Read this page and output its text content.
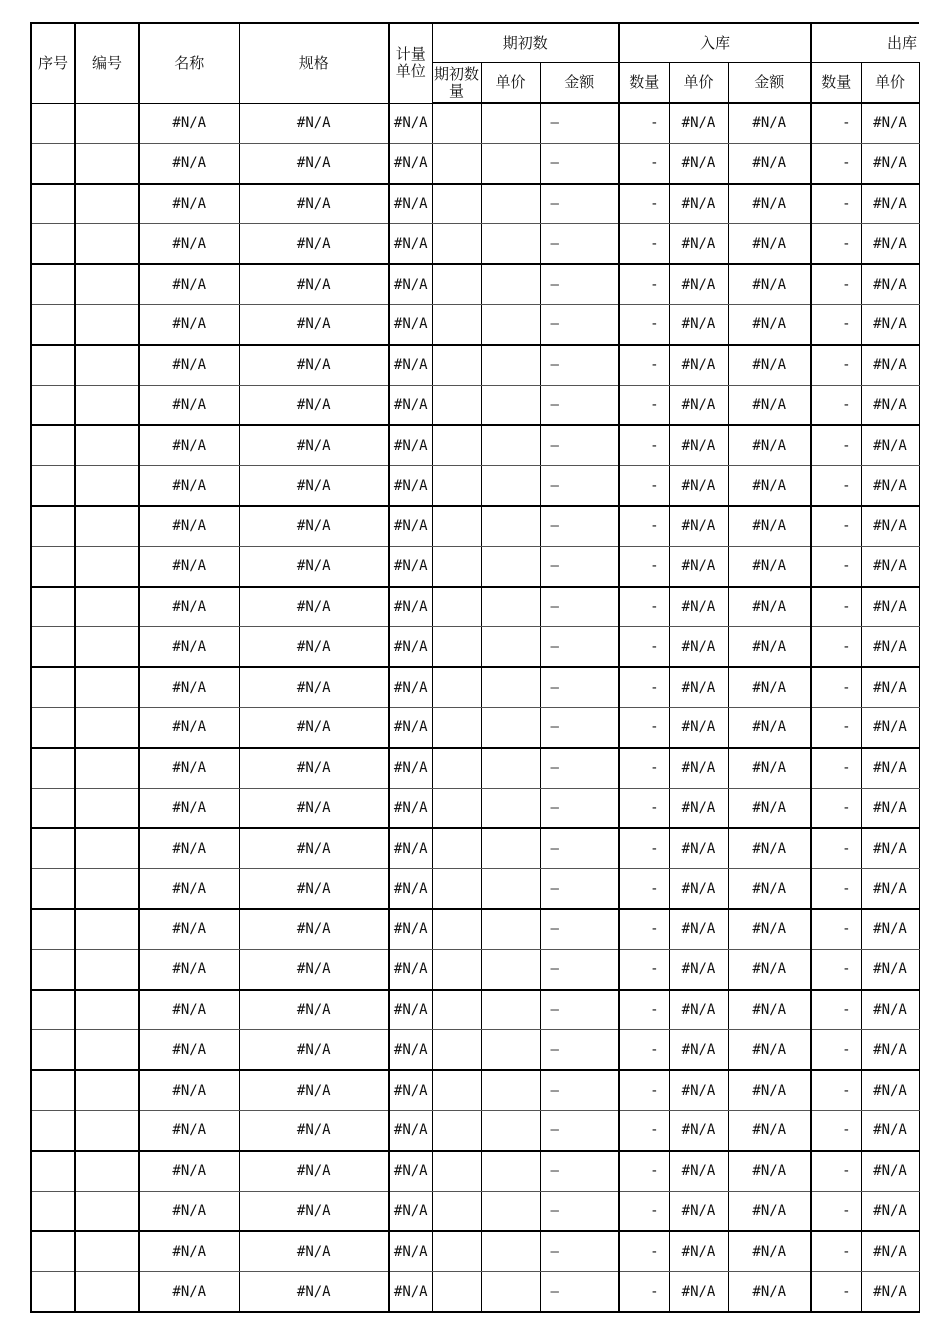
序号	编号	名称	规格	计量单位	期初数			入库			出库	
					期初数量	单价	金额	数量	单价	金额	数量	单价
		#N/A	#N/A	#N/A			–	-	#N/A	#N/A	-	#N/A
		#N/A	#N/A	#N/A			–	-	#N/A	#N/A	-	#N/A
		#N/A	#N/A	#N/A			–	-	#N/A	#N/A	-	#N/A
		#N/A	#N/A	#N/A			–	-	#N/A	#N/A	-	#N/A
		#N/A	#N/A	#N/A			–	-	#N/A	#N/A	-	#N/A
		#N/A	#N/A	#N/A			–	-	#N/A	#N/A	-	#N/A
		#N/A	#N/A	#N/A			–	-	#N/A	#N/A	-	#N/A
		#N/A	#N/A	#N/A			–	-	#N/A	#N/A	-	#N/A
		#N/A	#N/A	#N/A			–	-	#N/A	#N/A	-	#N/A
		#N/A	#N/A	#N/A			–	-	#N/A	#N/A	-	#N/A
		#N/A	#N/A	#N/A			–	-	#N/A	#N/A	-	#N/A
		#N/A	#N/A	#N/A			–	-	#N/A	#N/A	-	#N/A
		#N/A	#N/A	#N/A			–	-	#N/A	#N/A	-	#N/A
		#N/A	#N/A	#N/A			–	-	#N/A	#N/A	-	#N/A
		#N/A	#N/A	#N/A			–	-	#N/A	#N/A	-	#N/A
		#N/A	#N/A	#N/A			–	-	#N/A	#N/A	-	#N/A
		#N/A	#N/A	#N/A			–	-	#N/A	#N/A	-	#N/A
		#N/A	#N/A	#N/A			–	-	#N/A	#N/A	-	#N/A
		#N/A	#N/A	#N/A			–	-	#N/A	#N/A	-	#N/A
		#N/A	#N/A	#N/A			–	-	#N/A	#N/A	-	#N/A
		#N/A	#N/A	#N/A			–	-	#N/A	#N/A	-	#N/A
		#N/A	#N/A	#N/A			–	-	#N/A	#N/A	-	#N/A
		#N/A	#N/A	#N/A			–	-	#N/A	#N/A	-	#N/A
		#N/A	#N/A	#N/A			–	-	#N/A	#N/A	-	#N/A
		#N/A	#N/A	#N/A			–	-	#N/A	#N/A	-	#N/A
		#N/A	#N/A	#N/A			–	-	#N/A	#N/A	-	#N/A
		#N/A	#N/A	#N/A			–	-	#N/A	#N/A	-	#N/A
		#N/A	#N/A	#N/A			–	-	#N/A	#N/A	-	#N/A
		#N/A	#N/A	#N/A			–	-	#N/A	#N/A	-	#N/A
		#N/A	#N/A	#N/A			–	-	#N/A	#N/A	-	#N/A
